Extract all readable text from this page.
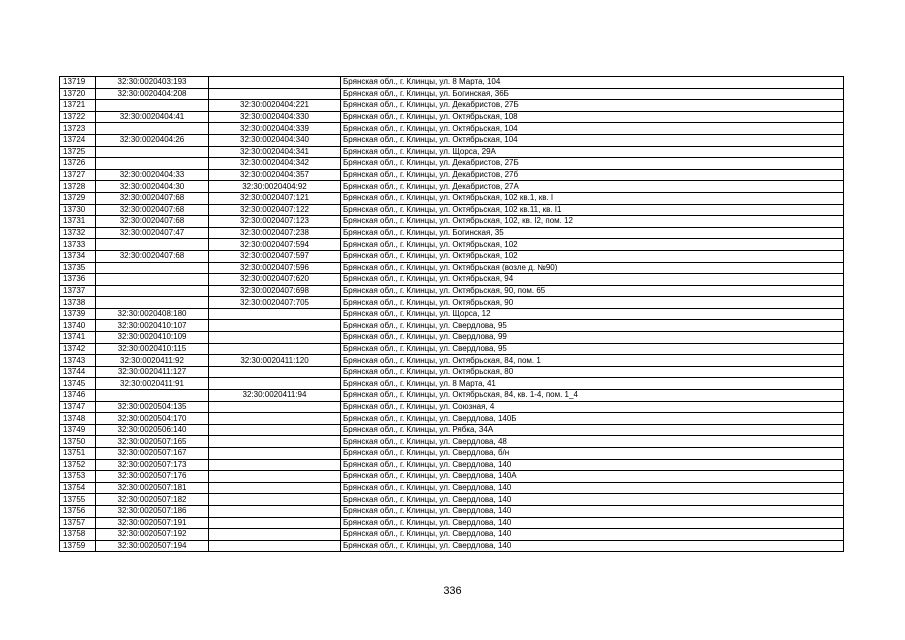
13719	32:30:0020403:193		Брянская обл., г. Клинцы, ул. 8 Марта, 104
13720	32:30:0020404:208		Брянская обл., г. Клинцы, ул. Богинская, 36Б
13721		32:30:0020404:221	Брянская обл., г. Клинцы, ул. Декабристов, 27Б
13722	32:30:0020404:41	32:30:0020404:330	Брянская обл., г. Клинцы, ул. Октябрьская, 108
13723		32:30:0020404:339	Брянская обл., г. Клинцы, ул. Октябрьская, 104
13724	32:30:0020404:26	32:30:0020404:340	Брянская обл., г. Клинцы, ул. Октябрьская, 104
13725		32:30:0020404:341	Брянская обл., г. Клинцы, ул. Щорса, 29А
13726		32:30:0020404:342	Брянская обл., г. Клинцы, ул. Декабристов, 27Б
13727	32:30:0020404:33	32:30:0020404:357	Брянская обл., г. Клинцы, ул. Декабристов, 27б
13728	32:30:0020404:30	32:30:0020404:92	Брянская обл., г. Клинцы, ул. Декабристов, 27А
13729	32:30:0020407:68	32:30:0020407:121	Брянская обл., г. Клинцы, ул. Октябрьская, 102 кв.1, кв. I
13730	32:30:0020407:68	32:30:0020407:122	Брянская обл., г. Клинцы, ул. Октябрьская, 102 кв.11, кв. I1
13731	32:30:0020407:68	32:30:0020407:123	Брянская обл., г. Клинцы, ул. Октябрьская, 102, кв. I2, пом. 12
13732	32:30:0020407:47	32:30:0020407:238	Брянская обл., г. Клинцы, ул. Богинская, 35
13733		32:30:0020407:594	Брянская обл., г. Клинцы, ул. Октябрьская, 102
13734	32:30:0020407:68	32:30:0020407:597	Брянская обл., г. Клинцы, ул. Октябрьская, 102
13735		32:30:0020407:596	Брянская обл., г. Клинцы, ул. Октябрьская (возле д. №90)
13736		32:30:0020407:620	Брянская обл., г. Клинцы, ул. Октябрьская, 94
13737		32:30:0020407:698	Брянская обл., г. Клинцы, ул. Октябрьская, 90, пом. 65
13738		32:30:0020407:705	Брянская обл., г. Клинцы, ул. Октябрьская, 90
13739	32:30:0020408:180		Брянская обл., г. Клинцы, ул. Щорса, 12
13740	32:30:0020410:107		Брянская обл., г. Клинцы, ул. Свердлова, 95
13741	32:30:0020410:109		Брянская обл., г. Клинцы, ул. Свердлова, 99
13742	32:30:0020410:115		Брянская обл., г. Клинцы, ул. Свердлова, 95
13743	32:30:0020411:92	32:30:0020411:120	Брянская обл., г. Клинцы, ул. Октябрьская, 84, пом. 1
13744	32:30:0020411:127		Брянская обл., г. Клинцы, ул. Октябрьская, 80
13745	32:30:0020411:91		Брянская обл., г. Клинцы, ул. 8 Марта, 41
13746		32:30:0020411:94	Брянская обл., г. Клинцы, ул. Октябрьская, 84, кв. 1-4, пом. 1_4
13747	32:30:0020504:135		Брянская обл., г. Клинцы, ул. Союзная, 4
13748	32:30:0020504:170		Брянская обл., г. Клинцы, ул. Свердлова, 140Б
13749	32:30:0020506:140		Брянская обл., г. Клинцы, ул. Рябка, 34А
13750	32:30:0020507:165		Брянская обл., г. Клинцы, ул. Свердлова, 48
13751	32:30:0020507:167		Брянская обл., г. Клинцы, ул. Свердлова, б/н
13752	32:30:0020507:173		Брянская обл., г. Клинцы, ул. Свердлова, 140
13753	32:30:0020507:176		Брянская обл., г. Клинцы, ул. Свердлова, 140А
13754	32:30:0020507:181		Брянская обл., г. Клинцы, ул. Свердлова, 140
13755	32:30:0020507:182		Брянская обл., г. Клинцы, ул. Свердлова, 140
13756	32:30:0020507:186		Брянская обл., г. Клинцы, ул. Свердлова, 140
13757	32:30:0020507:191		Брянская обл., г. Клинцы, ул. Свердлова, 140
13758	32:30:0020507:192		Брянская обл., г. Клинцы, ул. Свердлова, 140
13759	32:30:0020507:194		Брянская обл., г. Клинцы, ул. Свердлова, 140
336
